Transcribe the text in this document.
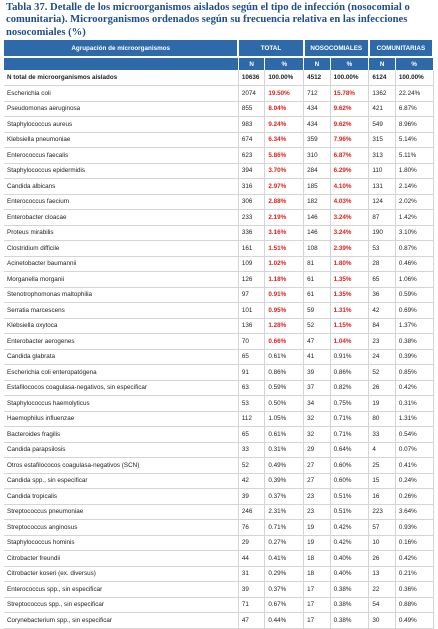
Tabla 37. Detalle de los microorganismos aislados según el tipo de infección (nosocomial o comunitaria). Microorganismos ordenados según su frecuencia relativa en las infecciones nosocomiales (%)
Agrupación de microorganismos	TOTAL		NOSOCOMIALES		COMUNITARIAS	
	N	%	N	%	N	%
N total de microorganismos aislados	10636	100.00%	4512	100.00%	6124	100.00%
Escherichia coli	2074	19.50%	712	15.78%	1362	22.24%
Pseudomonas aeruginosa	855	8.04%	434	9.62%	421	6.87%
Staphylococcus aureus	983	9.24%	434	9.62%	549	8.96%
Klebsiella pneumoniae	674	6.34%	359	7.96%	315	5.14%
Enterococcus faecalis	623	5.86%	310	6.87%	313	5.11%
Staphylococcus epidermidis	394	3.70%	284	6.29%	110	1.80%
Candida albicans	316	2.97%	185	4.10%	131	2.14%
Enterococcus faecium	306	2.88%	182	4.03%	124	2.02%
Enterobacter cloacae	233	2.19%	146	3.24%	87	1.42%
Proteus mirabilis	336	3.16%	146	3.24%	190	3.10%
Clostridium difficile	161	1.51%	108	2.39%	53	0.87%
Acinetobacter baumannii	109	1.02%	81	1.80%	28	0.46%
Morganella morganii	126	1.18%	61	1.35%	65	1.06%
Stenotrophomonas maltophilia	97	0.91%	61	1.35%	36	0.59%
Serratia marcescens	101	0.95%	59	1.31%	42	0.69%
Klebsiella oxytoca	136	1.28%	52	1.15%	84	1.37%
Enterobacter aerogenes	70	0.66%	47	1.04%	23	0.38%
Candida glabrata	65	0.61%	41	0.91%	24	0.39%
Escherichia coli enteropatógena	91	0.86%	39	0.86%	52	0.85%
Estafilococos coagulasa-negativos, sin especificar	63	0.59%	37	0.82%	26	0.42%
Staphylococcus haemolyticus	53	0.50%	34	0.75%	19	0.31%
Haemophilus influenzae	112	1.05%	32	0.71%	80	1.31%
Bacteroides fragilis	65	0.61%	32	0.71%	33	0.54%
Candida parapsilosis	33	0.31%	29	0.64%	4	0.07%
Otros estafilococos coagulasa-negativos (SCN)	52	0.49%	27	0.60%	25	0.41%
Candida spp., sin especificar	42	0.39%	27	0.60%	15	0.24%
Candida tropicalis	39	0.37%	23	0.51%	16	0.26%
Streptococcus pneumoniae	246	2.31%	23	0.51%	223	3.64%
Streptococcus anginosus	76	0.71%	19	0.42%	57	0.93%
Staphylococcus hominis	29	0.27%	19	0.42%	10	0.16%
Citrobacter freundii	44	0.41%	18	0.40%	26	0.42%
Citrobacter koseri (ex. diversus)	31	0.29%	18	0.40%	13	0.21%
Enterococcus spp., sin especificar	39	0.37%	17	0.38%	22	0.36%
Streptococcus spp., sin especificar	71	0.67%	17	0.38%	54	0.88%
Corynebacterium spp., sin especificar	47	0.44%	17	0.38%	30	0.49%
